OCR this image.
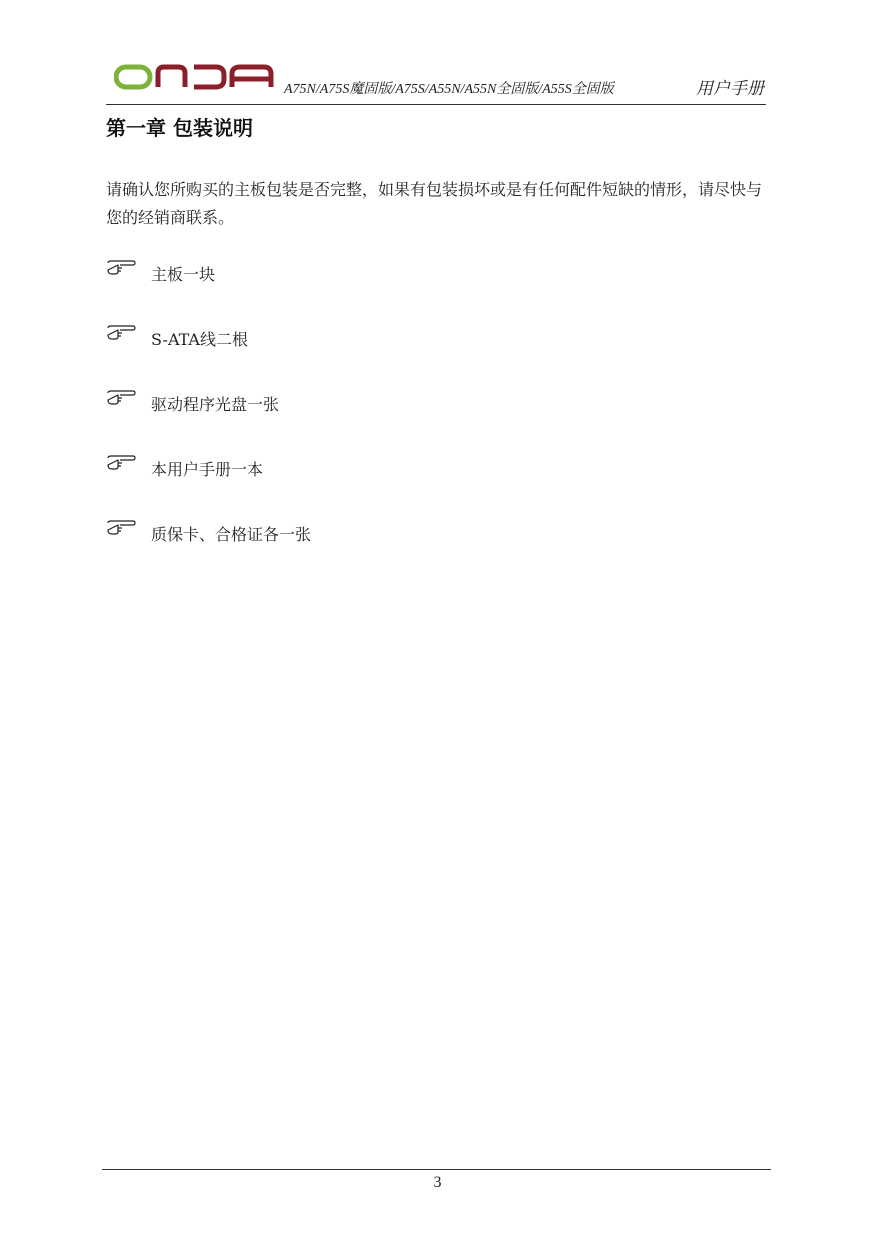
A75N/A75S魔固版/A75S/A55N/A55N全固版/A55S全固版	用户手册
第一章 包装说明
请确认您所购买的主板包装是否完整，如果有包装损坏或是有任何配件短缺的情形，请尽快与您的经销商联系。
主板一块
S-ATA线二根
驱动程序光盘一张
本用户手册一本
质保卡、合格证各一张
3
